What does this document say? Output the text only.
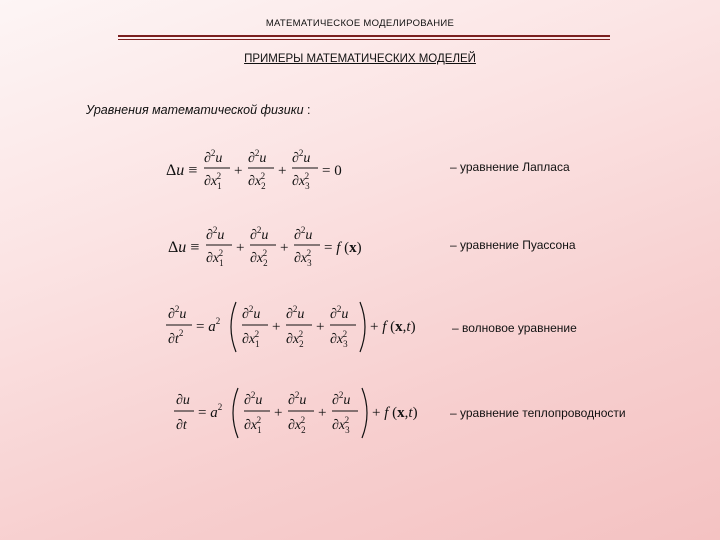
МАТЕМАТИЧЕСКОЕ МОДЕЛИРОВАНИЕ
ПРИМЕРЫ МАТЕМАТИЧЕСКИХ МОДЕЛЕЙ
Уравнения математической физики :
Δu ≡
∂$^2$u
$\partial x_12$ +
∂$^2$u
$\partial x_22$ +
∂$^2$u
$\partial x_32 = 0$	– уравнение Лапласа
Δu ≡
∂$^2$u
$\partial x_12$ +
∂$^2$u
$\partial x_22$ +
∂$^2$u
$\partial x_32 = f$ (x)	– уравнение Пуассона
∂$^2$u
$\partial t^2 = a^2$ ∂$^2$u
$\partial x_12$ +
∂$^2$u
$\partial x_22$ +
∂$^2$u
$\partial x_32 + f$ (x,t)	– волновое уравнение
∂u
∂t
= $a^2$ ∂$^2$u
$\partial x_12$ +
∂$^2$u
$\partial x_22$ +
∂$^2$u
$\partial x_32 + f$ (x,t)	– уравнение теплопроводности
